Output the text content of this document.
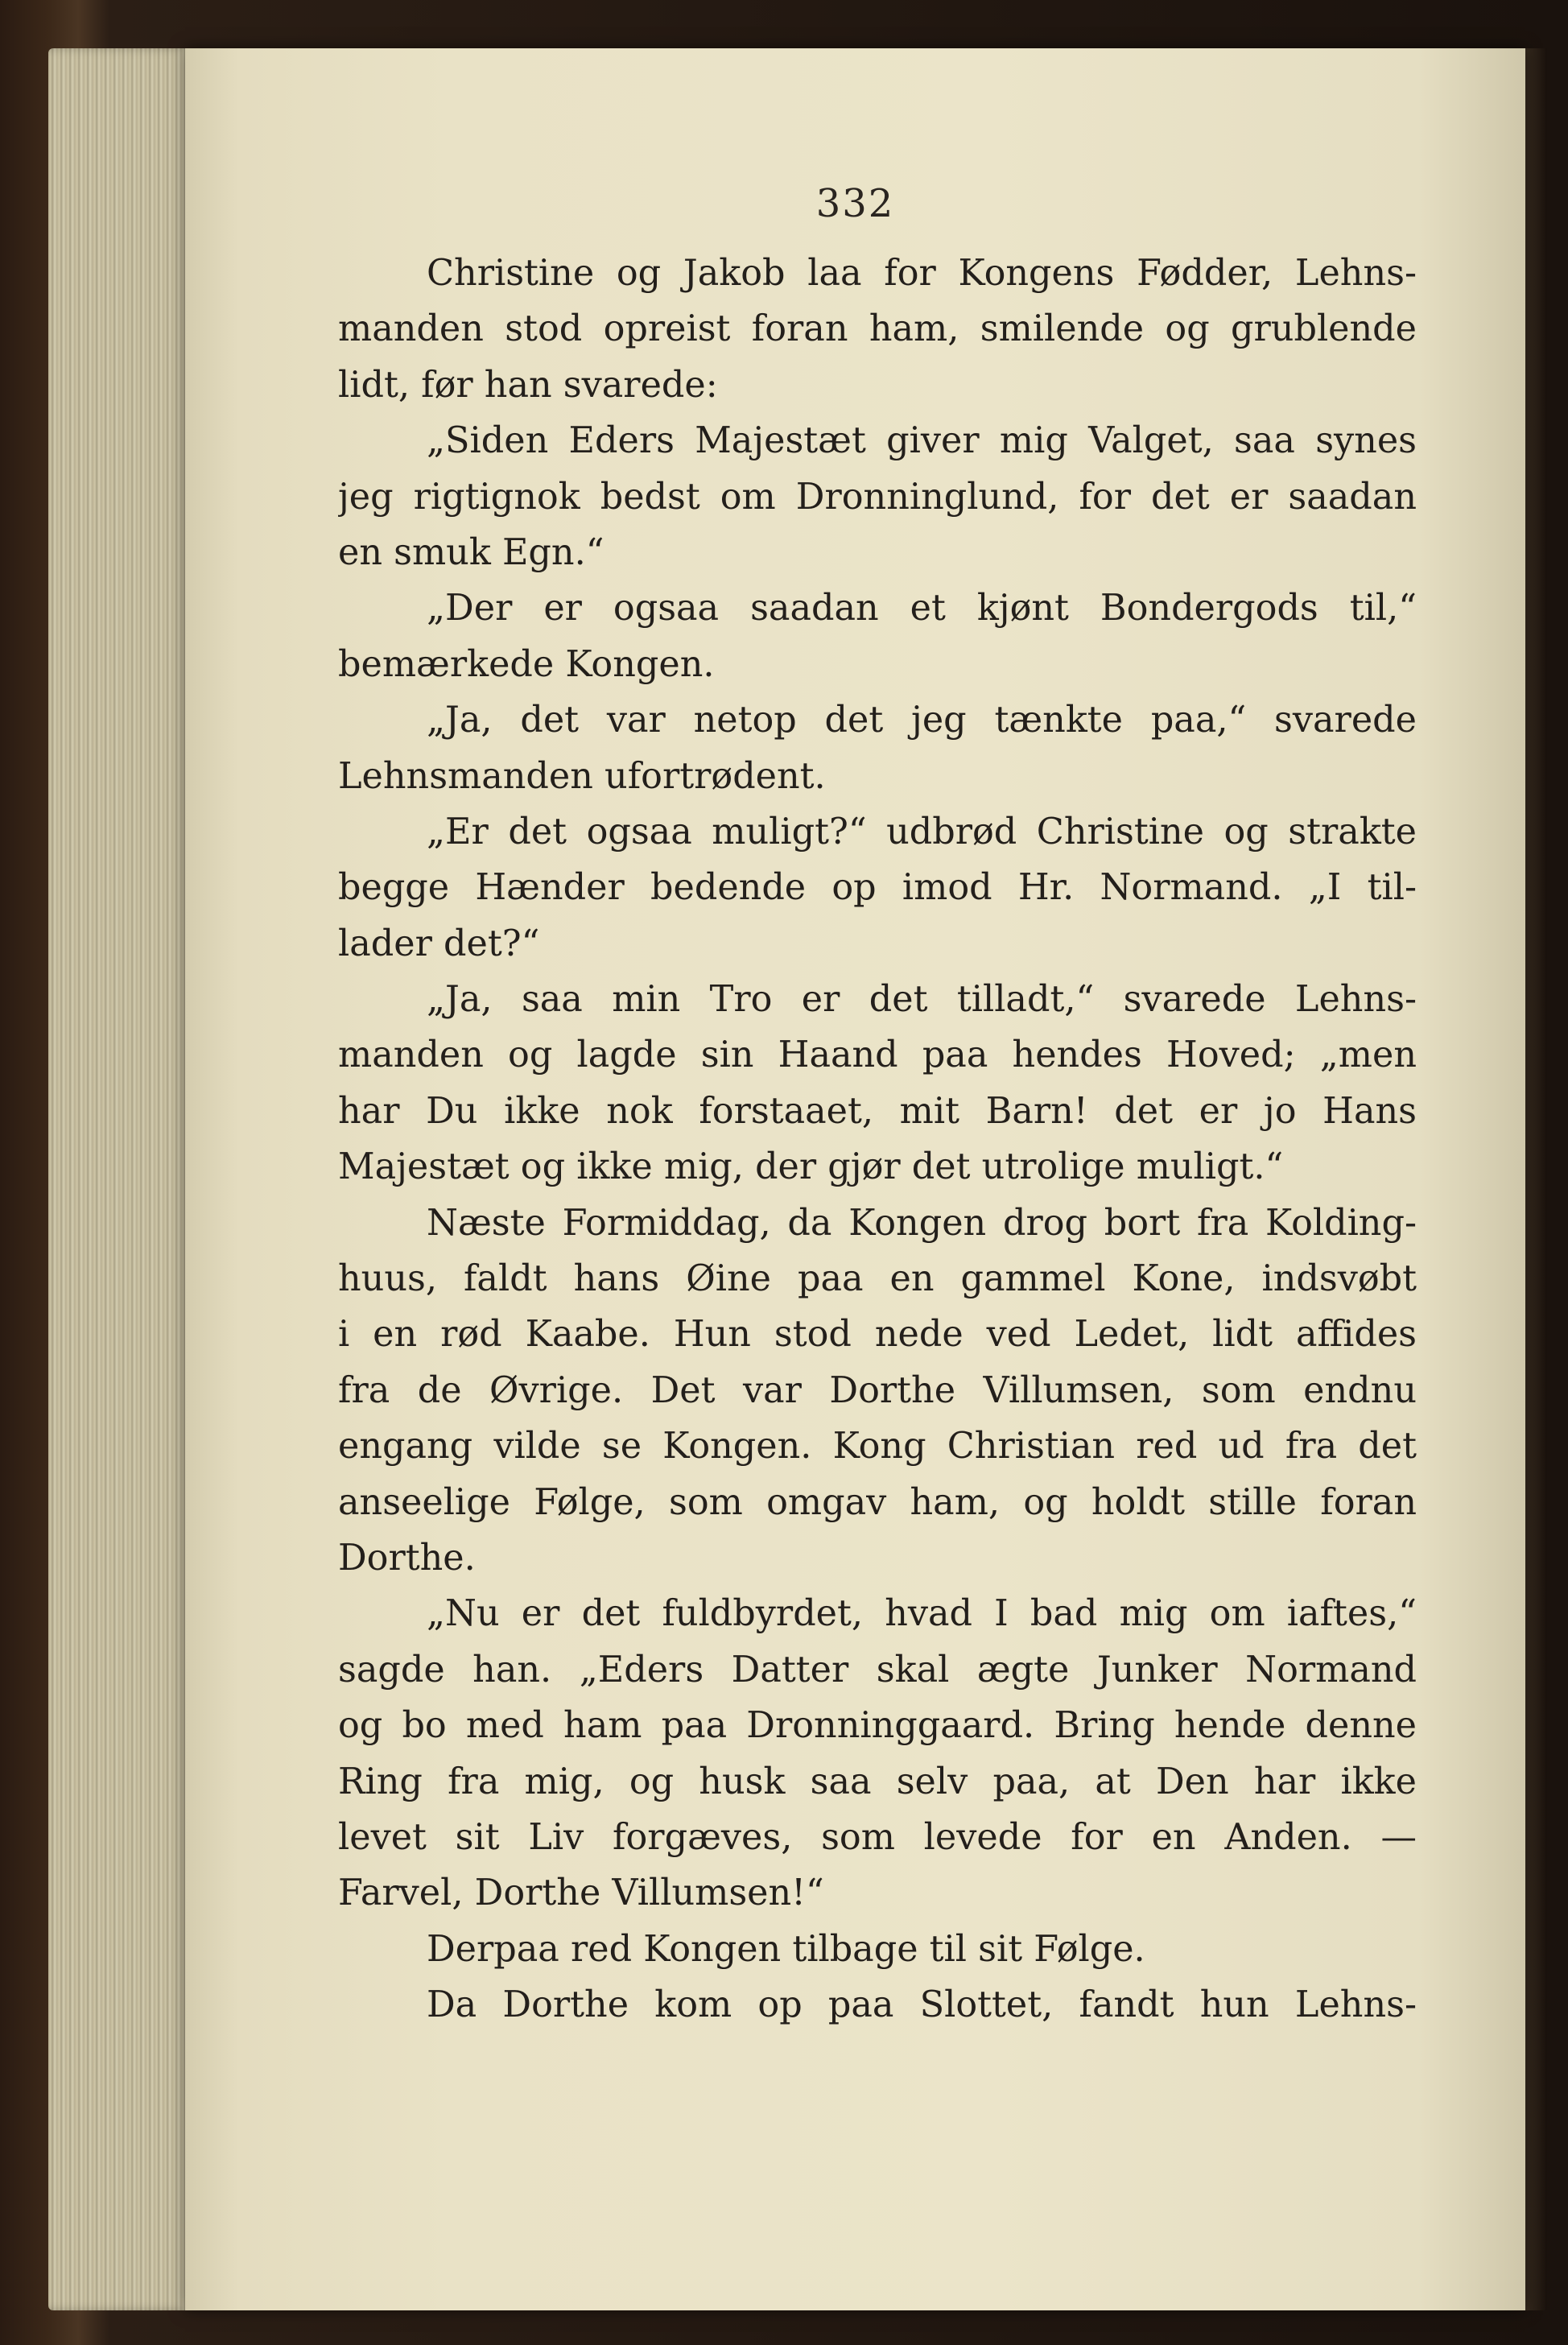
332
Christine og Jakob laa for Kongens Fødder, Lehns-
manden stod opreist foran ham, smilende og grublende
lidt, før han svarede:
„Siden Eders Majestæt giver mig Valget, saa synes
jeg rigtignok bedst om Dronninglund, for det er saadan
en smuk Egn.“
„Der er ogsaa saadan et kjønt Bondergods til,“
bemærkede Kongen.
„Ja, det var netop det jeg tænkte paa,“ svarede
Lehnsmanden ufortrødent.
„Er det ogsaa muligt?“ udbrød Christine og strakte
begge Hænder bedende op imod Hr. Normand. „I til-
lader det?“
„Ja, saa min Tro er det tilladt,“ svarede Lehns-
manden og lagde sin Haand paa hendes Hoved; „men
har Du ikke nok forstaaet, mit Barn! det er jo Hans
Majestæt og ikke mig, der gjør det utrolige muligt.“
Næste Formiddag, da Kongen drog bort fra Kolding-
huus, faldt hans Øine paa en gammel Kone, indsvøbt
i en rød Kaabe. Hun stod nede ved Ledet, lidt affides
fra de Øvrige. Det var Dorthe Villumsen, som endnu
engang vilde se Kongen. Kong Christian red ud fra det
anseelige Følge, som omgav ham, og holdt stille foran
Dorthe.
„Nu er det fuldbyrdet, hvad I bad mig om iaftes,“
sagde han. „Eders Datter skal ægte Junker Normand
og bo med ham paa Dronninggaard. Bring hende denne
Ring fra mig, og husk saa selv paa, at Den har ikke
levet sit Liv forgæves, som levede for en Anden. —
Farvel, Dorthe Villumsen!“
Derpaa red Kongen tilbage til sit Følge.
Da Dorthe kom op paa Slottet, fandt hun Lehns-
